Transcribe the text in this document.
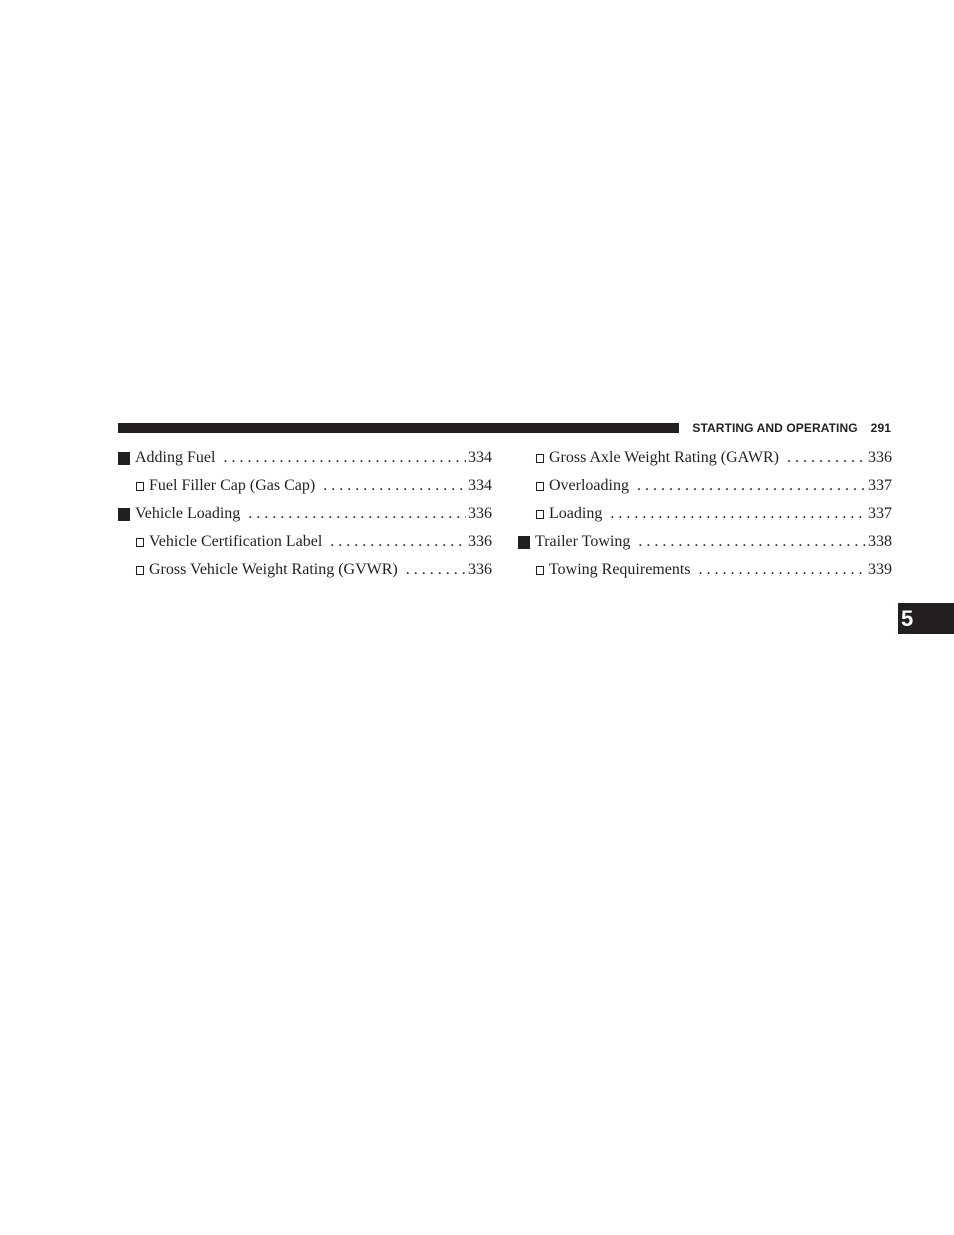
STARTING AND OPERATING 291
Adding Fuel . . .	334
Fuel Filler Cap (Gas Cap) . . .	334
Vehicle Loading . . .	336
Vehicle Certification Label . . .	336
Gross Vehicle Weight Rating (GVWR) . . .	336
Gross Axle Weight Rating (GAWR) . . .	336
Overloading . . .	337
Loading . . .	337
Trailer Towing . . .	338
Towing Requirements . . .	339
5
